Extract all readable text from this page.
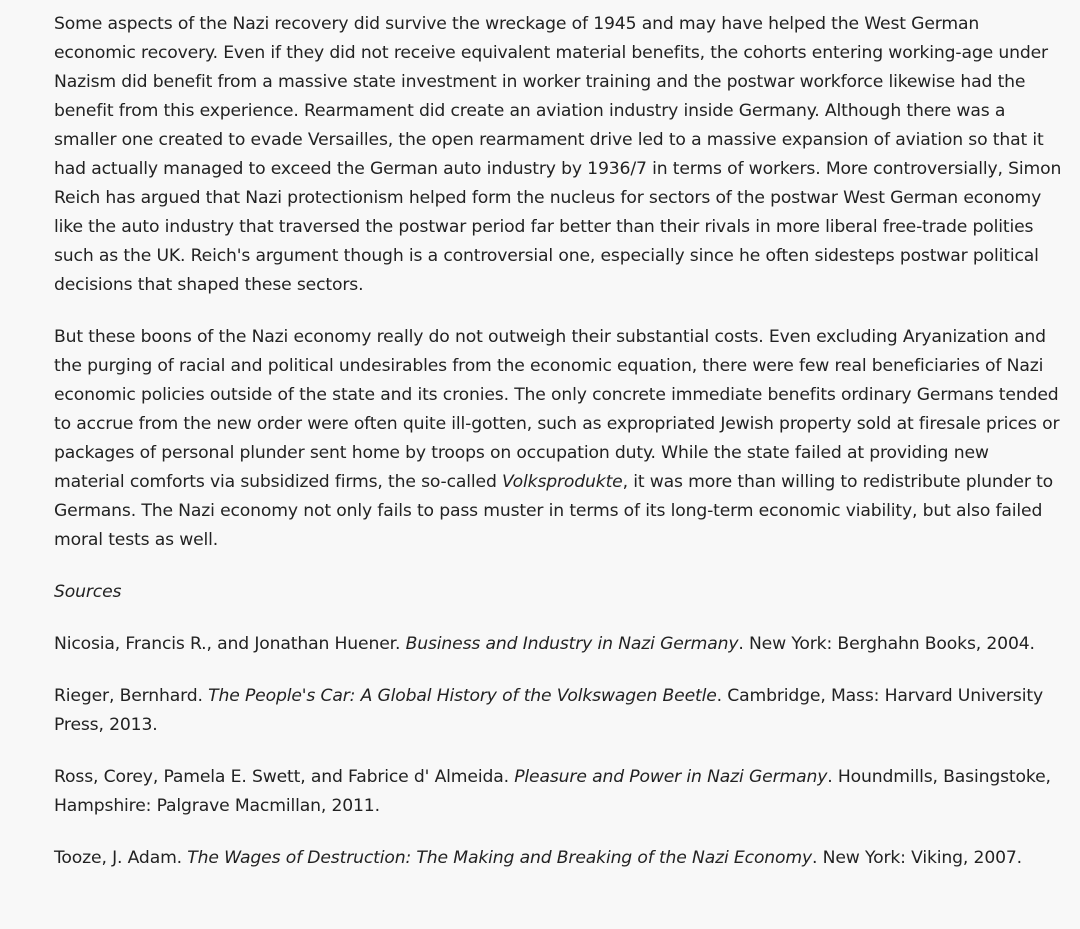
Some aspects of the Nazi recovery did survive the wreckage of 1945 and may have helped the West German economic recovery. Even if they did not receive equivalent material benefits, the cohorts entering working-age under Nazism did benefit from a massive state investment in worker training and the postwar workforce likewise had the benefit from this experience. Rearmament did create an aviation industry inside Germany. Although there was a smaller one created to evade Versailles, the open rearmament drive led to a massive expansion of aviation so that it had actually managed to exceed the German auto industry by 1936/7 in terms of workers. More controversially, Simon Reich has argued that Nazi protectionism helped form the nucleus for sectors of the postwar West German economy like the auto industry that traversed the postwar period far better than their rivals in more liberal free-trade polities such as the UK. Reich's argument though is a controversial one, especially since he often sidesteps postwar political decisions that shaped these sectors.

But these boons of the Nazi economy really do not outweigh their substantial costs. Even excluding Aryanization and the purging of racial and political undesirables from the economic equation, there were few real beneficiaries of Nazi economic policies outside of the state and its cronies. The only concrete immediate benefits ordinary Germans tended to accrue from the new order were often quite ill-gotten, such as expropriated Jewish property sold at firesale prices or packages of personal plunder sent home by troops on occupation duty. While the state failed at providing new material comforts via subsidized firms, the so-called Volksprodukte, it was more than willing to redistribute plunder to Germans. The Nazi economy not only fails to pass muster in terms of its long-term economic viability, but also failed moral tests as well.

Sources

Nicosia, Francis R., and Jonathan Huener. Business and Industry in Nazi Germany. New York: Berghahn Books, 2004.

Rieger, Bernhard. The People's Car: A Global History of the Volkswagen Beetle. Cambridge, Mass: Harvard University Press, 2013.

Ross, Corey, Pamela E. Swett, and Fabrice d' Almeida. Pleasure and Power in Nazi Germany. Houndmills, Basingstoke, Hampshire: Palgrave Macmillan, 2011.

Tooze, J. Adam. The Wages of Destruction: The Making and Breaking of the Nazi Economy. New York: Viking, 2007.
